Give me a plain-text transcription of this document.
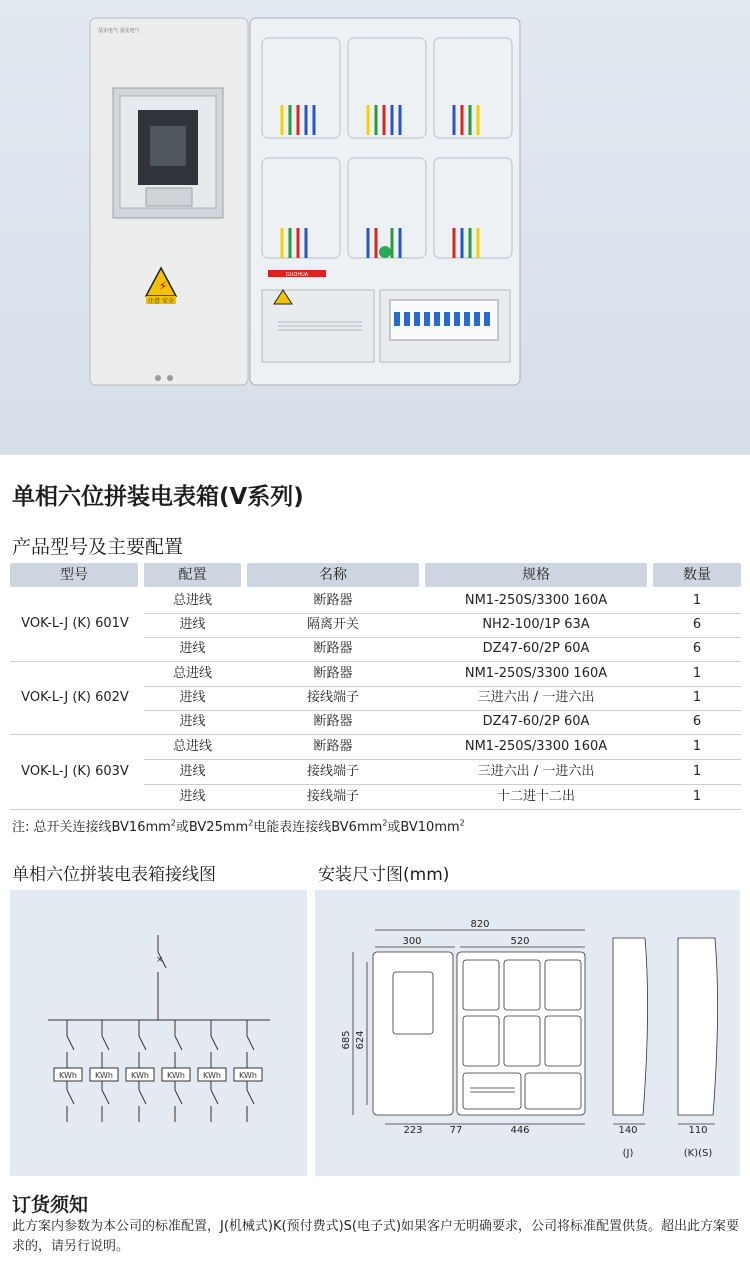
基实电气 基实电气
⚡
注意 安全
GUOHUA
单相六位拼装电表箱(V系列)
产品型号及主要配置
型号	配置	名称	规格	数量
VOK-L-J (K) 601V
总进线	断路器	NM1-250S/3300 160A	1
进线	隔离开关	NH2-100/1P 63A	6
进线	断路器	DZ47-60/2P 60A	6
VOK-L-J (K) 602V
总进线	断路器	NM1-250S/3300 160A	1
进线	接线端子	三进六出 / 一进六出	1
进线	断路器	DZ47-60/2P 60A	6
VOK-L-J (K) 603V
总进线	断路器	NM1-250S/3300 160A	1
进线	接线端子	三进六出 / 一进六出	1
进线	接线端子	十二进十二出	1
注: 总开关连接线$BV16mm^2$或$BV25mm^2$电能表连接线$BV6mm^2$或$BV10mm^2$
单相六位拼装电表箱接线图	安装尺寸图(mm)
×
KWh KWh KWh KWh KWh KWh
820
300	520
223	77	446	140	110
(J)	(K)(S)
685 624
订货须知
此方案内参数为本公司的标准配置，J(机械式)K(预付费式)S(电子式)如果客户无明确要求，公司将标准配置供货。超出此方案要求的，请另行说明。
